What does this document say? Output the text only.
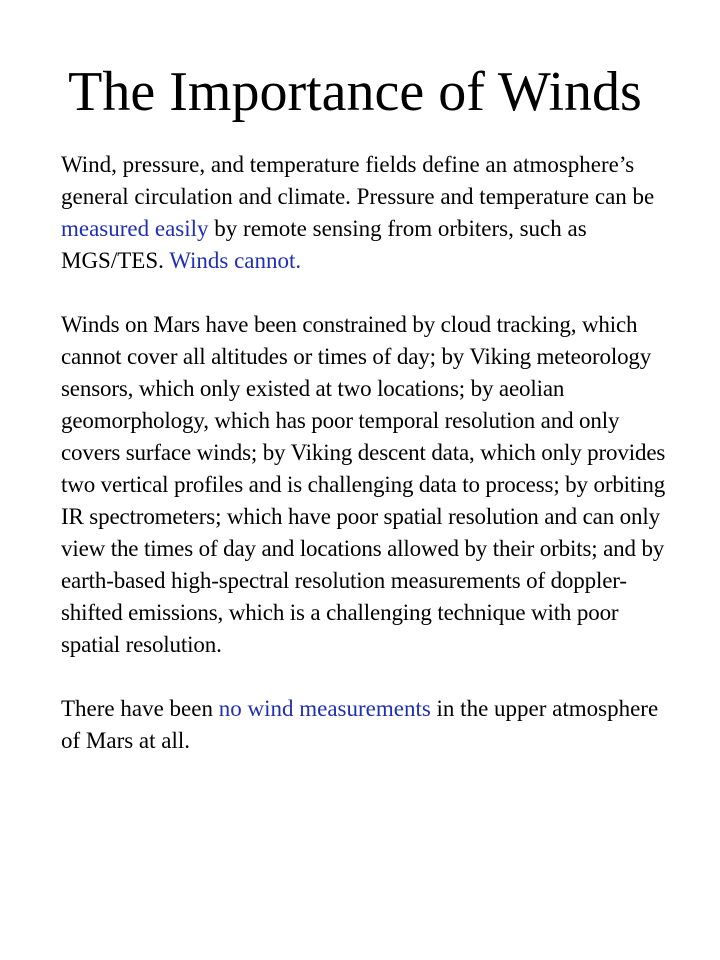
The Importance of Winds

Wind, pressure, and temperature fields define an atmosphere’s general circulation and climate. Pressure and temperature can be measured easily by remote sensing from orbiters, such as MGS/TES. Winds cannot.

Winds on Mars have been constrained by cloud tracking, which cannot cover all altitudes or times of day; by Viking meteorology sensors, which only existed at two locations; by aeolian geomorphology, which has poor temporal resolution and only covers surface winds; by Viking descent data, which only provides two vertical profiles and is challenging data to process; by orbiting IR spectrometers; which have poor spatial resolution and can only view the times of day and locations allowed by their orbits; and by earth-based high-spectral resolution measurements of doppler-shifted emissions, which is a challenging technique with poor spatial resolution.

There have been no wind measurements in the upper atmosphere of Mars at all.
